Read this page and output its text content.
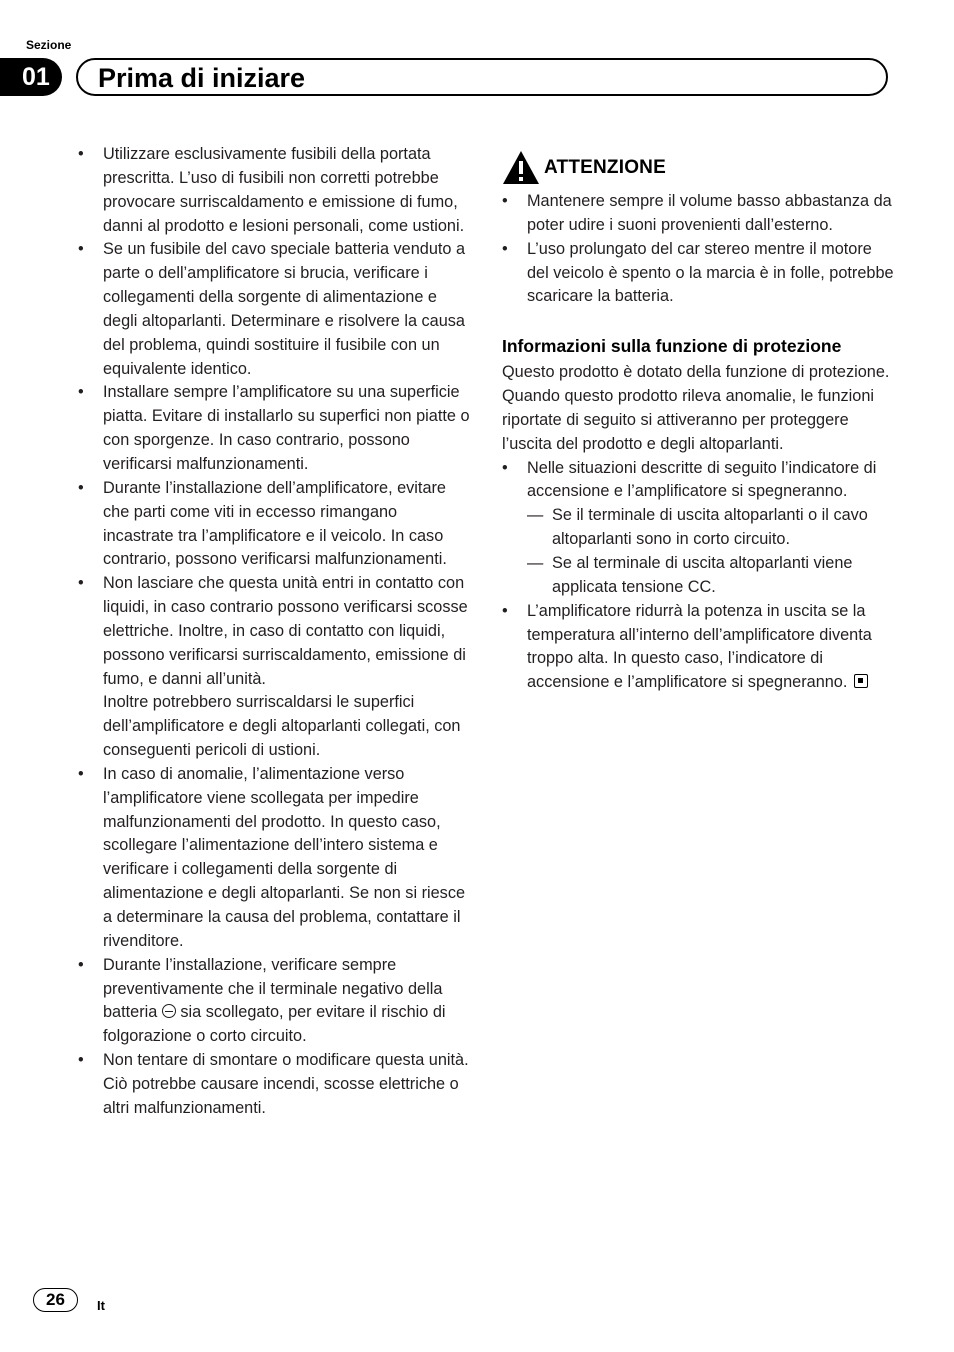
Sezione
01	Prima di iniziare
•	Utilizzare esclusivamente fusibili della portata prescritta. L’uso di fusibili non corretti potrebbe provocare surriscaldamento e emissione di fumo, danni al prodotto e lesioni personali, come ustioni.
•	Se un fusibile del cavo speciale batteria venduto a parte o dell’amplificatore si brucia, verificare i collegamenti della sorgente di alimentazione e degli altoparlanti. Determinare e risolvere la causa del problema, quindi sostituire il fusibile con un equivalente identico.
•	Installare sempre l’amplificatore su una superficie piatta. Evitare di installarlo su superfici non piatte o con sporgenze. In caso contrario, possono verificarsi malfunzionamenti.
•	Durante l’installazione dell’amplificatore, evitare che parti come viti in eccesso rimangano incastrate tra l’amplificatore e il veicolo. In caso contrario, possono verificarsi malfunzionamenti.
•	Non lasciare che questa unità entri in contatto con liquidi, in caso contrario possono verificarsi scosse elettriche. Inoltre, in caso di contatto con liquidi, possono verificarsi surriscaldamento, emissione di fumo, e danni all’unità.
Inoltre potrebbero surriscaldarsi le superfici dell’amplificatore e degli altoparlanti collegati, con conseguenti pericoli di ustioni.
•	In caso di anomalie, l’alimentazione verso l’amplificatore viene scollegata per impedire malfunzionamenti del prodotto. In questo caso, scollegare l’alimentazione dell’intero sistema e verificare i collegamenti della sorgente di alimentazione e degli altoparlanti. Se non si riesce a determinare la causa del problema, contattare il rivenditore.
•	Durante l’installazione, verificare sempre preventivamente che il terminale negativo della batteria sia scollegato, per evitare il rischio di folgorazione o corto circuito.
•	Non tentare di smontare o modificare questa unità. Ciò potrebbe causare incendi, scosse elettriche o altri malfunzionamenti.
ATTENZIONE
•	Mantenere sempre il volume basso abbastanza da poter udire i suoni provenienti dall’esterno.
•	L’uso prolungato del car stereo mentre il motore del veicolo è spento o la marcia è in folle, potrebbe scaricare la batteria.
Informazioni sulla funzione di protezione

Questo prodotto è dotato della funzione di protezione. Quando questo prodotto rileva anomalie, le funzioni riportate di seguito si attiveranno per proteggere l’uscita del prodotto e degli altoparlanti.

•	Nelle situazioni descritte di seguito l’indicatore di accensione e l’amplificatore si spegneranno.
— Se il terminale di uscita altoparlanti o il cavo altoparlanti sono in corto circuito.
— Se al terminale di uscita altoparlanti viene applicata tensione CC.
•	L’amplificatore ridurrà la potenza in uscita se la temperatura all’interno dell’amplificatore diventa troppo alta. In questo caso, l’indicatore di accensione e l’amplificatore si spegneranno.
26	It
